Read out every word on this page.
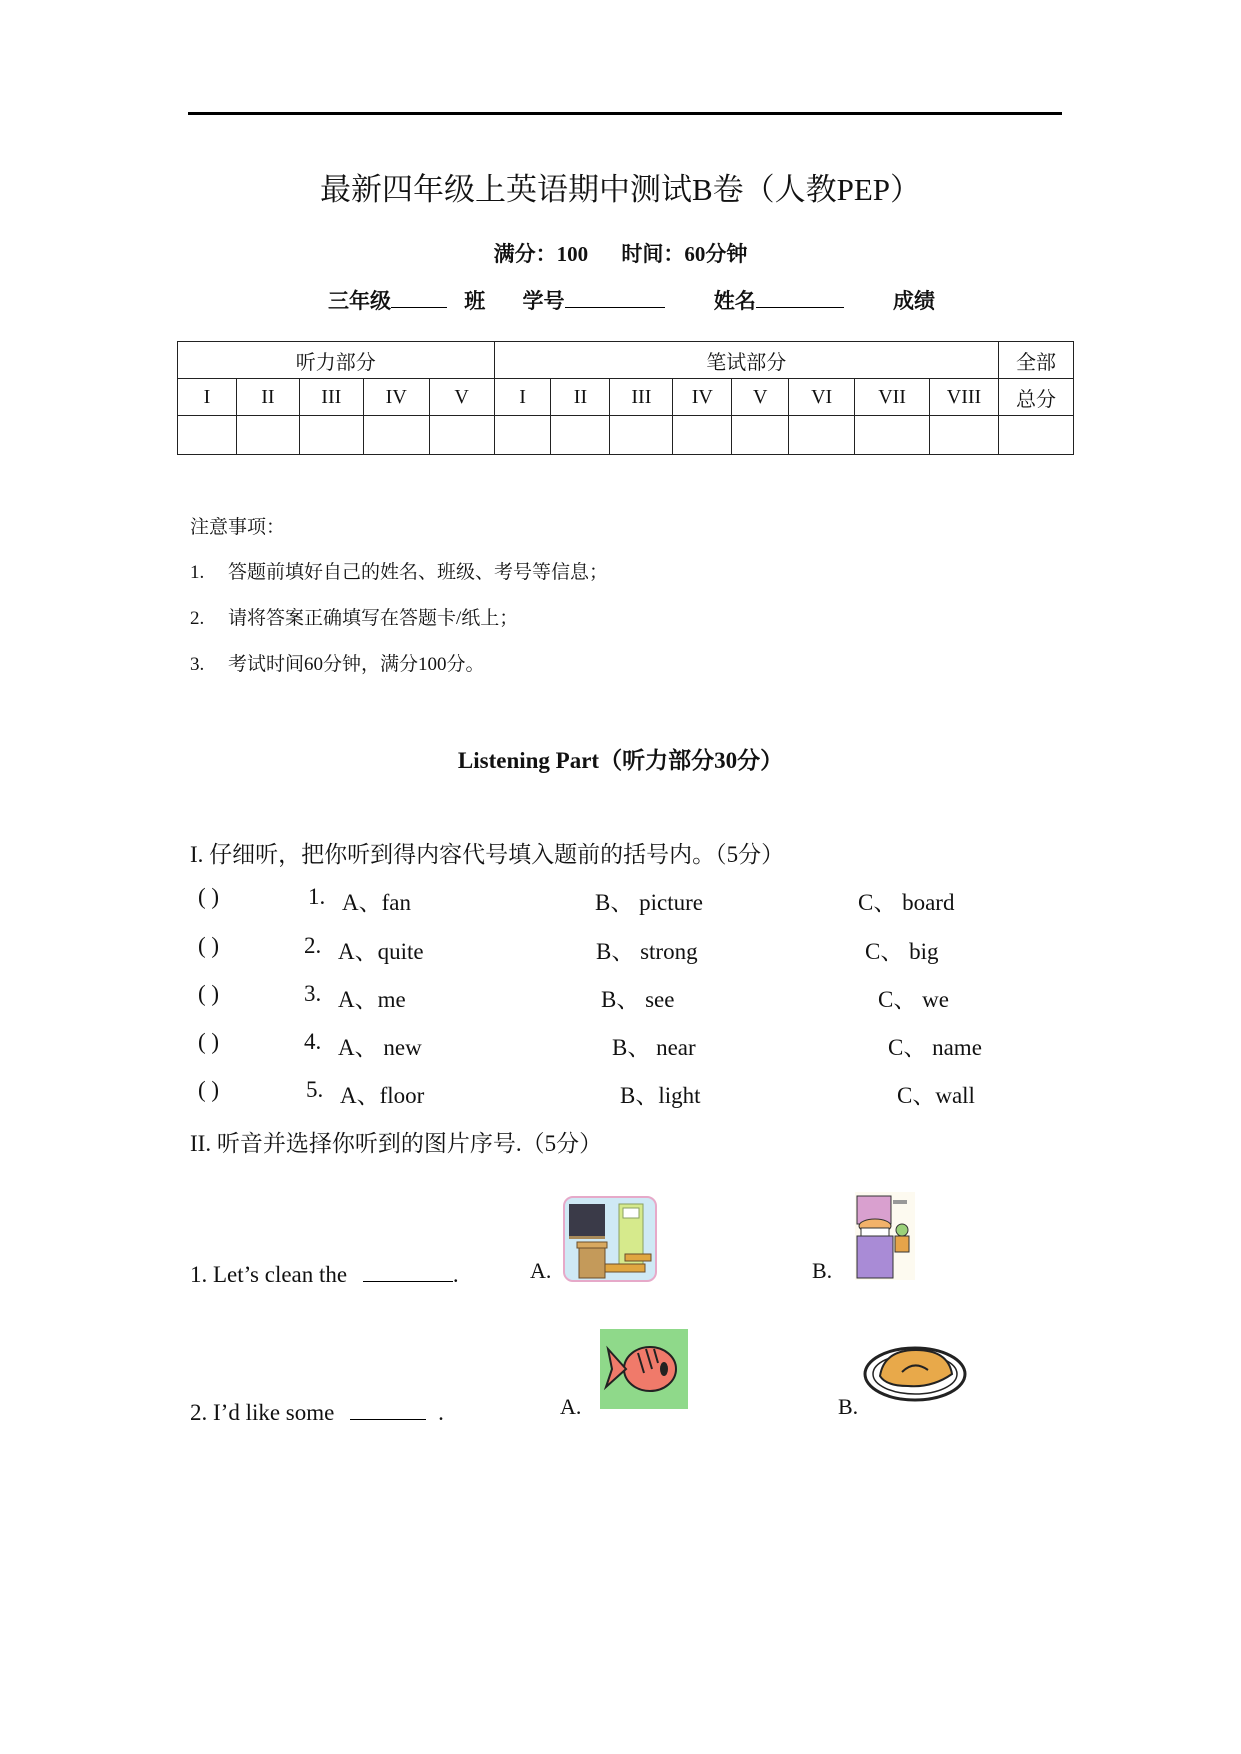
最新四年级上英语期中测试B卷（人教PEP）
满分：100 时间：60分钟
三年级	班 学号	姓名	成绩
听力部分					笔试部分								全部
I	II	III	IV	V	I	II	III	IV	V	VI	VII	VIII	总分

注意事项：
1. 答题前填好自己的姓名、班级、考号等信息；
2. 请将答案正确填写在答题卡/纸上；
3. 考试时间60分钟，满分100分。
Listening Part（听力部分30分）
I. 仔细听，把你听到得内容代号填入题前的括号内。（5分）
( )	1. A、fan	B、 picture	C、 board
( )	2. A、quite	B、 strong	C、 big
( )	3. A、me	B、 see	C、 we
( )	4. A、 new	B、 near	C、 name
( )	5. A、floor	B、light	C、wall
II. 听音并选择你听到的图片序号.（5分）
1. Let’s clean the	.	A.	B.
2. I’d like some	.	A.	B.
